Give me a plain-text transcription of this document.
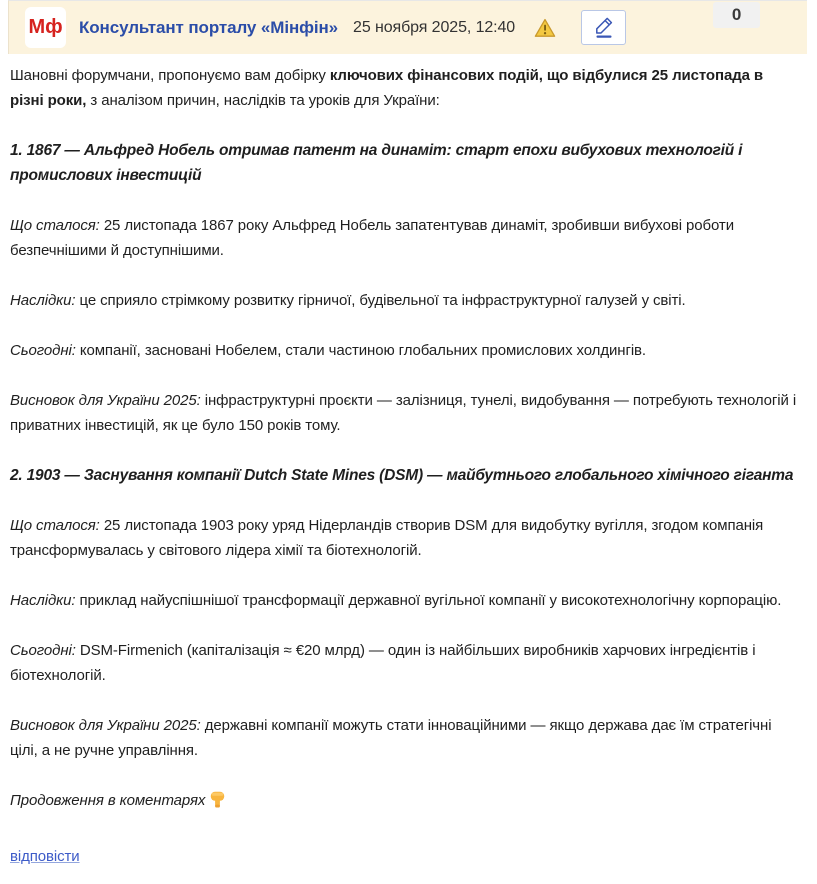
Мф Консультант порталу «Мінфін» 25 ноября 2025, 12:40
0

Шановні форумчани, пропонуємо вам добірку ключових фінансових подій, що відбулися 25 листопада в різні роки, з аналізом причин, наслідків та уроків для України:

1. 1867 — Альфред Нобель отримав патент на динаміт: старт епохи вибухових технологій і промислових інвестицій

Що сталося: 25 листопада 1867 року Альфред Нобель запатентував динаміт, зробивши вибухові роботи безпечнішими й доступнішими.

Наслідки: це сприяло стрімкому розвитку гірничої, будівельної та інфраструктурної галузей у світі.

Сьогодні: компанії, засновані Нобелем, стали частиною глобальних промислових холдингів.

Висновок для України 2025: інфраструктурні проєкти — залізниця, тунелі, видобування — потребують технологій і приватних інвестицій, як це було 150 років тому.

2. 1903 — Заснування компанії Dutch State Mines (DSM) — майбутнього глобального хімічного гіганта

Що сталося: 25 листопада 1903 року уряд Нідерландів створив DSM для видобутку вугілля, згодом компанія трансформувалась у світового лідера хімії та біотехнологій.

Наслідки: приклад найуспішнішої трансформації державної вугільної компанії у високотехнологічну корпорацію.

Сьогодні: DSM-Firmenich (капіталізація ≈ €20 млрд) — один із найбільших виробників харчових інгредієнтів і біотехнологій.

Висновок для України 2025: державні компанії можуть стати інноваційними — якщо держава дає їм стратегічні цілі, а не ручне управління.

Продовження в коментарях

відповісти
